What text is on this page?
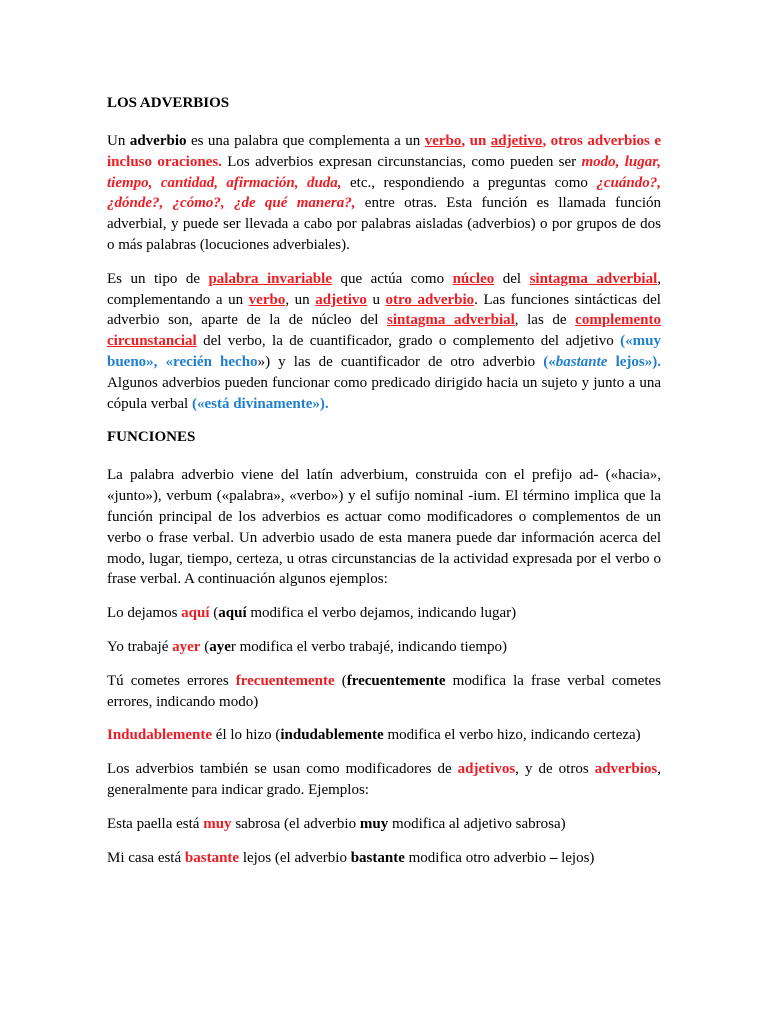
LOS ADVERBIOS
Un adverbio es una palabra que complementa a un verbo, un adjetivo, otros adverbios e incluso oraciones. Los adverbios expresan circunstancias, como pueden ser modo, lugar, tiempo, cantidad, afirmación, duda, etc., respondiendo a preguntas como ¿cuándo?, ¿dónde?, ¿cómo?, ¿de qué manera?, entre otras. Esta función es llamada función adverbial, y puede ser llevada a cabo por palabras aisladas (adverbios) o por grupos de dos o más palabras (locuciones adverbiales).
Es un tipo de palabra invariable que actúa como núcleo del sintagma adverbial, complementando a un verbo, un adjetivo u otro adverbio. Las funciones sintácticas del adverbio son, aparte de la de núcleo del sintagma adverbial, las de complemento circunstancial del verbo, la de cuantificador, grado o complemento del adjetivo («muy bueno», «recién hecho») y las de cuantificador de otro adverbio («bastante lejos»). Algunos adverbios pueden funcionar como predicado dirigido hacia un sujeto y junto a una cópula verbal («está divinamente»).
FUNCIONES
La palabra adverbio viene del latín adverbium, construida con el prefijo ad- («hacia», «junto»), verbum («palabra», «verbo») y el sufijo nominal -ium. El término implica que la función principal de los adverbios es actuar como modificadores o complementos de un verbo o frase verbal. Un adverbio usado de esta manera puede dar información acerca del modo, lugar, tiempo, certeza, u otras circunstancias de la actividad expresada por el verbo o frase verbal. A continuación algunos ejemplos:
Lo dejamos aquí (aquí modifica el verbo dejamos, indicando lugar)
Yo trabajé ayer (ayer modifica el verbo trabajé, indicando tiempo)
Tú cometes errores frecuentemente (frecuentemente modifica la frase verbal cometes errores, indicando modo)
Indudablemente él lo hizo (indudablemente modifica el verbo hizo, indicando certeza)
Los adverbios también se usan como modificadores de adjetivos, y de otros adverbios, generalmente para indicar grado. Ejemplos:
Esta paella está muy sabrosa (el adverbio muy modifica al adjetivo sabrosa)
Mi casa está bastante lejos (el adverbio bastante modifica otro adverbio – lejos)
